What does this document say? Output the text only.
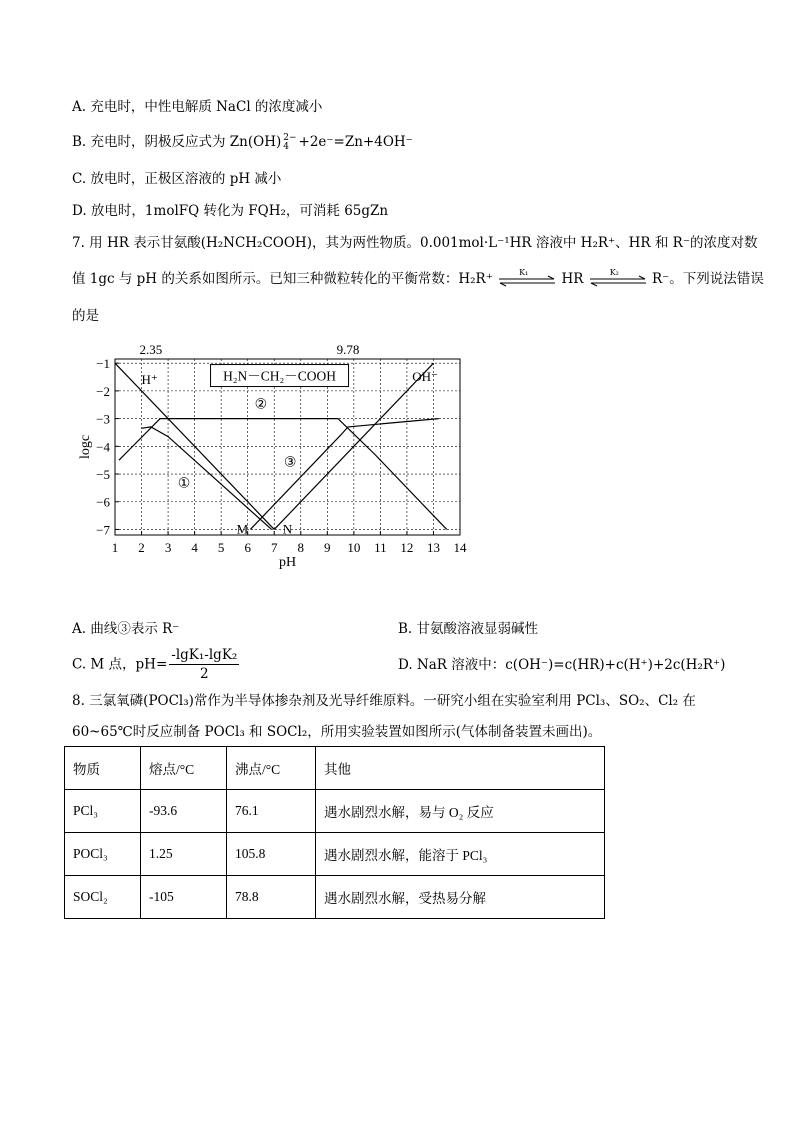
A. 充电时，中性电解质 NaCl 的浓度减小
B. 充电时，阴极反应式为 Zn(OH) 2−
4 +2e⁻=Zn+4OH⁻
C. 放电时，正极区溶液的 pH 减小
D. 放电时，1molFQ 转化为 FQH₂，可消耗 65gZn
7. 用 HR 表示甘氨酸(H₂NCH₂COOH)，其为两性物质。0.001mol·L⁻¹HR 溶液中 H₂R⁺、HR 和 R⁻的浓度对数
值 1gc 与 pH 的关系如图所示。已知三种微粒转化的平衡常数：H₂R⁺	K₁ HR	K₂ R⁻。下列说法错误
的是
1 2 3 4 5 6 7 8 9 10 11 12 13 14
−1
−2
−3
−4
−5
−6
−7
pH
logc
2.35	9.78
H⁺	OH⁻
H₂N－CH₂－COOH
②
③
①
M	N
A. 曲线③表示 R⁻	B. 甘氨酸溶液显弱碱性
C. M 点，$pH= \frac{\text{-lgK₁-lgK₂}}{2}$	D. NaR 溶液中：c(OH⁻)=c(HR)+c(H⁺)+2c(H₂R⁺)
8. 三氯氧磷(POCl₃)常作为半导体掺杂剂及光导纤维原料。一研究小组在实验室利用 PCl₃、SO₂、Cl₂ 在
60~65℃时反应制备 POCl₃ 和 SOCl₂，所用实验装置如图所示(气体制备装置未画出)。
物质	熔点/°C	沸点/°C	其他
PCl₃	-93.6	76.1	遇水剧烈水解，易与 O₂ 反应
POCl₃	1.25	105.8	遇水剧烈水解，能溶于 PCl₃
SOCl₂	-105	78.8	遇水剧烈水解，受热易分解
